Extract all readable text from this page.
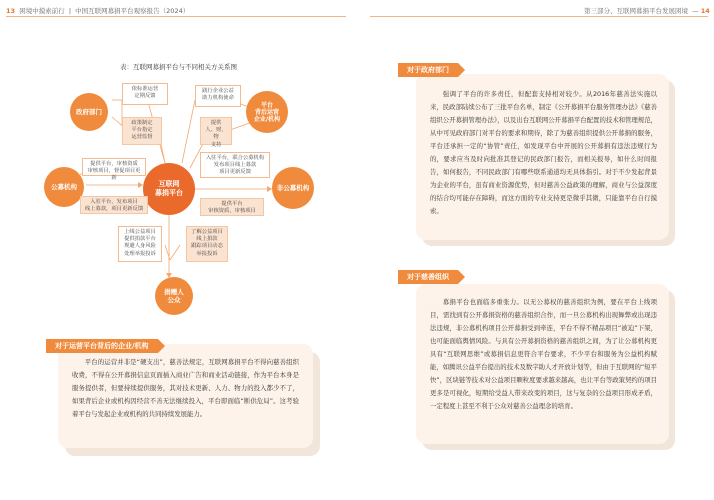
13 困境中摸索前行 | 中国互联网募捐平台观察报告（2024）	第三部分、互联网募捐平台发展困境 — 14
表：互联网募捐平台与不同相关方关系图
互联网
募捐平台
政府部门
平台
背后运营
企业/机构
公募机构	非公募机构
捐赠人
公众
依标准运营
定期反馈
政策制定
平台指定
运营监督
践行企业公益
助力机构使命
提供
人、财、物
支持
提供平台，审核资质
审核项目，督促项目更新
入驻平台，发布项目
线上募款，项目更新反馈
入驻平台，联合公募机构
发布项目线上募款
项目更新反馈
提供平台
审核资质，审核项目
上线公益项目
提供捐款平台
规避人身风险
处理举报投诉
了解公益项目
线上捐款
跟踪项目动态
举报投诉

平台的运营并非是“硬支出”，慈善法规定，互联网募捐平台不得向慈善组织收费，不得在公开募捐信息页面插入商业广告和商业活动链接，作为平台本身是服务提供者，但要持续提供服务，其对技术更新、人力、物力的投入都少不了，如果背后企业或机构因经营不善无法继续投入，平台即面临“断供危局”。这考验着平台与发起企业或机构的共同持续发展能力。

对于运营平台背后的企业/机构

强调了平台的许多责任，但配套支持相对较少。从2016年慈善法实施以来，民政部陆续公布了三批平台名单，制定《公开募捐平台服务管理办法》《慈善组织公开募捐管理办法》，以及出台互联网公开募捐平台配置的技术和管理规范，从中可见政府部门对平台的要求和期待，除了为慈善组织提供公开募捐的服务，平台还承担一定的“协管”责任，如发现平台中开展的公开募捐有违法违规行为的，要求应当及时向批准其登记的民政部门报告，而相关报导，如什么时间报告，如何报告，不同民政部门有哪些联系通道均无具体指引。对于不少发起背景为企业的平台，虽有商业资源优势，但对慈善公益政策的理解，商业与公益深度的结合均可能存在障碍，而这方面的专业支持更是微乎其微，只能靠平台自行摸索。

对于政府部门

募捐平台也面临多重张力。以无公募权的慈善组织为例，要在平台上线项目，需找到有公开募捐资格的慈善组织合作，而一旦公募机构出现舞弊或出现违法违规，非公募机构项目公开募捐受到牵连，平台不得不精品项目“被迫”下架，也可能面临舆情风险。与具有公开募捐资格的慈善组织之间，为了让公募机构更具有“互联网思维”或募捐信息更符合平台要求，不少平台和服务为公益机构赋能，如腾讯公益平台提出的技术及数字助人才开放计划等，但由于互联网的“短平快”，区块链等技术对公益项目颗粒度要求越来越高，也让平台等政策契约的项目更多是可视化，短期给受益人带来改变的项目，这与复杂的公益项目形成矛盾，一定程度上甚至不利于公众对慈善公益理念的培育。

对于慈善组织
